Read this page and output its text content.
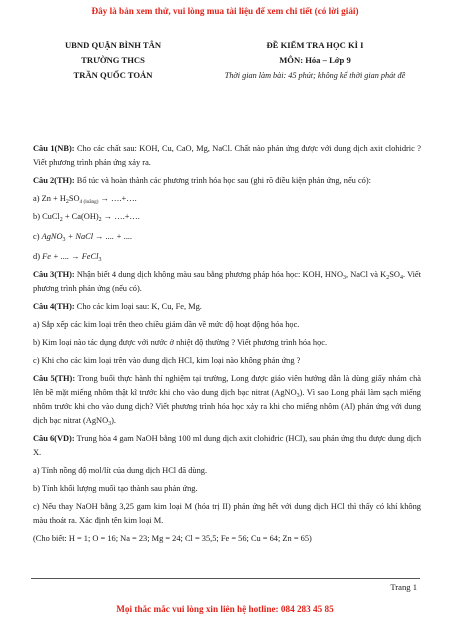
Đây là bản xem thử, vui lòng mua tài liệu để xem chi tiết (có lời giải)
UBND QUẬN BÌNH TÂN
TRƯỜNG THCS
TRẦN QUỐC TOẢN
ĐỀ KIỂM TRA HỌC KÌ I
MÔN: Hóa – Lớp 9
Thời gian làm bài: 45 phút; không kể thời gian phát đề

Câu 1(NB): Cho các chất sau: KOH, Cu, CaO, Mg, NaCl. Chất nào phản ứng được với dung dịch axit clohidric ? Viết phương trình phản ứng xảy ra.

Câu 2(TH): Bổ túc và hoàn thành các phương trình hóa học sau (ghi rõ điều kiện phản ứng, nếu có):

a) $Zn + H_2SO_{4 (loãng)}$ → ….+….

b) CuCl$_2$ + $Ca(OH)_2$ → ….+….

c) AgNO$_3$ + NaCl → .... + ....

d) Fe + .... → FeCl$_3$

Câu 3(TH): Nhận biết 4 dung dịch không màu sau bằng phương pháp hóa học: KOH, $HNO_3$, NaCl và $K_2SO_4$. Viết phương trình phản ứng (nếu có).

Câu 4(TH): Cho các kim loại sau: K, Cu, Fe, Mg.

a) Sắp xếp các kim loại trên theo chiều giảm dần về mức độ hoạt động hóa học.

b) Kim loại nào tác dụng được với nước ở nhiệt độ thường ? Viết phương trình hóa học.

c) Khi cho các kim loại trên vào dung dịch HCl, kim loại nào không phản ứng ?

Câu 5(TH): Trong buổi thực hành thí nghiệm tại trường, Long được giáo viên hướng dẫn là dùng giấy nhám chà lên bề mặt miếng nhôm thật kĩ trước khi cho vào dung dịch bạc nitrat (AgNO$_3$). Vì sao Long phải làm sạch miếng nhôm trước khi cho vào dung dịch? Viết phương trình hóa học xảy ra khi cho miếng nhôm (Al) phản ứng với dung dịch bạc nitrat (AgNO$_3$).

Câu 6(VD): Trung hòa 4 gam NaOH bằng 100 ml dung dịch axit clohiđric (HCl), sau phản ứng thu được dung dịch X.

a) Tính nồng độ mol/lít của dung dịch HCl đã dùng.

b) Tính khối lượng muối tạo thành sau phản ứng.

c) Nếu thay NaOH bằng 3,25 gam kim loại M (hóa trị II) phản ứng hết với dung dịch HCl thì thấy có khí không màu thoát ra. Xác định tên kim loại M.

(Cho biết: H = 1; O = 16; Na = 23; Mg = 24; Cl = 35,5; Fe = 56; Cu = 64; Zn = 65)

Trang 1
Mọi thắc mắc vui lòng xin liên hệ hotline: 084 283 45 85
